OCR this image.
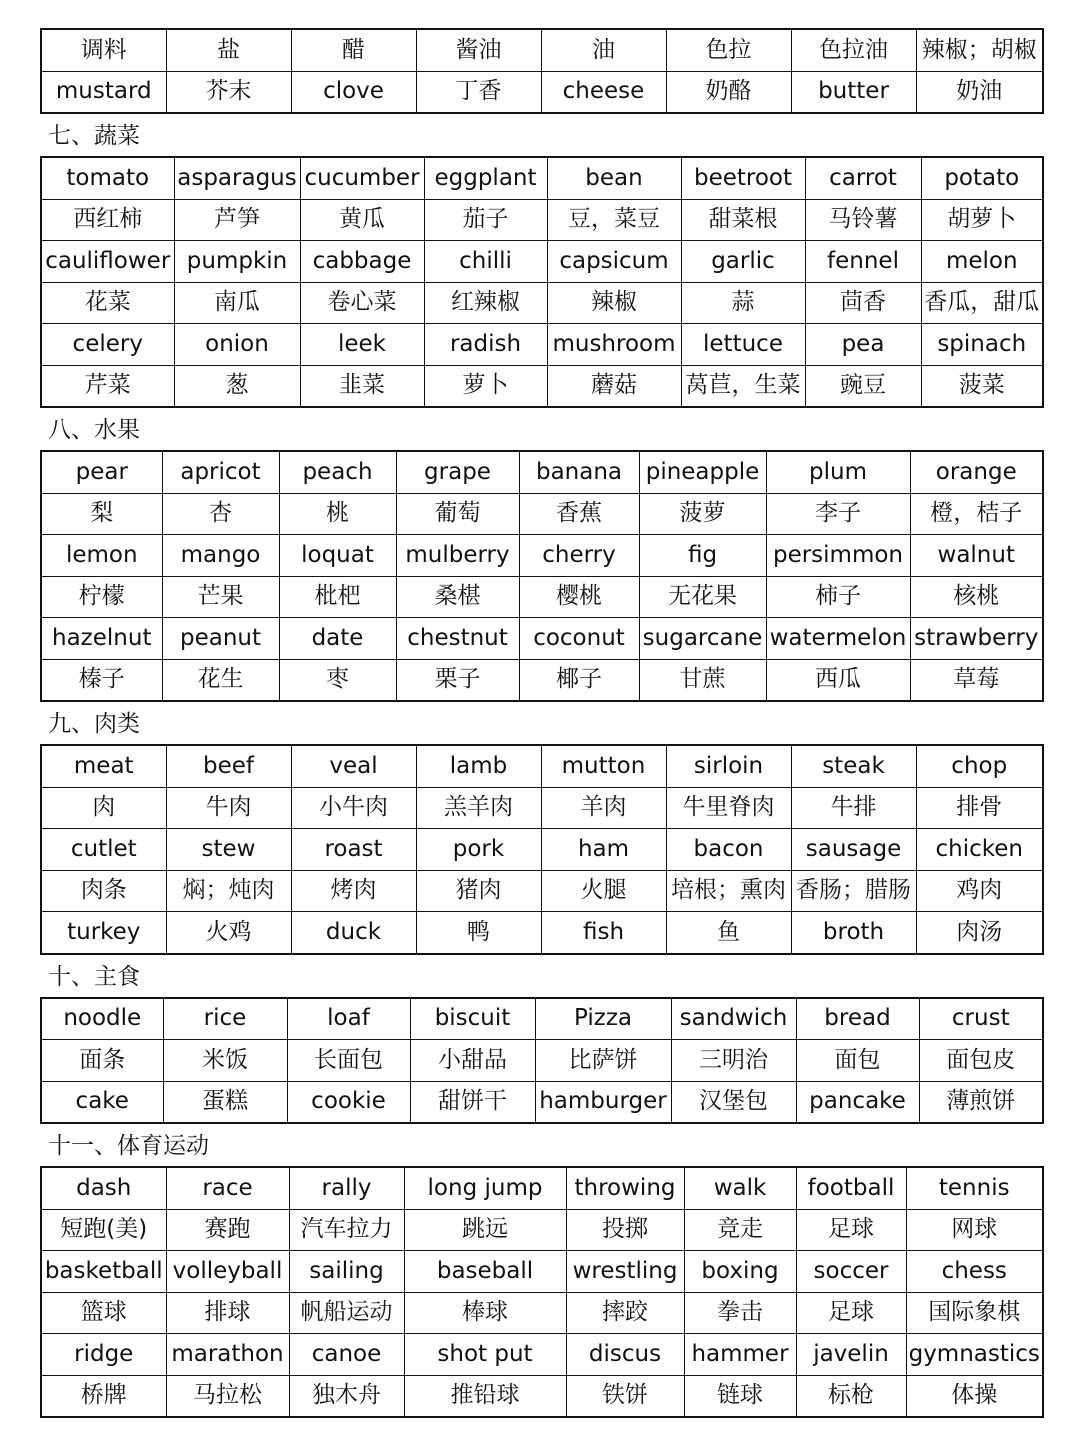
调料	盐	醋	酱油	油	色拉	色拉油	辣椒；胡椒
mustard	芥末	clove	丁香	cheese	奶酪	butter	奶油
七、蔬菜
tomato	asparagus	cucumber	eggplant	bean	beetroot	carrot	potato
西红柿	芦笋	黄瓜	茄子	豆，菜豆	甜菜根	马铃薯	胡萝卜
cauliflower	pumpkin	cabbage	chilli	capsicum	garlic	fennel	melon
花菜	南瓜	卷心菜	红辣椒	辣椒	蒜	茴香	香瓜，甜瓜
celery	onion	leek	radish	mushroom	lettuce	pea	spinach
芹菜	葱	韭菜	萝卜	蘑菇	莴苣，生菜	豌豆	菠菜
八、水果
pear	apricot	peach	grape	banana	pineapple	plum	orange
梨	杏	桃	葡萄	香蕉	菠萝	李子	橙，桔子
lemon	mango	loquat	mulberry	cherry	fig	persimmon	walnut
柠檬	芒果	枇杷	桑椹	樱桃	无花果	柿子	核桃
hazelnut	peanut	date	chestnut	coconut	sugarcane	watermelon	strawberry
榛子	花生	枣	栗子	椰子	甘蔗	西瓜	草莓
九、肉类
meat	beef	veal	lamb	mutton	sirloin	steak	chop
肉	牛肉	小牛肉	羔羊肉	羊肉	牛里脊肉	牛排	排骨
cutlet	stew	roast	pork	ham	bacon	sausage	chicken
肉条	焖；炖肉	烤肉	猪肉	火腿	培根；熏肉	香肠；腊肠	鸡肉
turkey	火鸡	duck	鸭	fish	鱼	broth	肉汤
十、主食
noodle	rice	loaf	biscuit	Pizza	sandwich	bread	crust
面条	米饭	长面包	小甜品	比萨饼	三明治	面包	面包皮
cake	蛋糕	cookie	甜饼干	hamburger	汉堡包	pancake	薄煎饼
十一、体育运动
dash	race	rally	long jump	throwing	walk	football	tennis
短跑(美)	赛跑	汽车拉力	跳远	投掷	竞走	足球	网球
basketball	volleyball	sailing	baseball	wrestling	boxing	soccer	chess
篮球	排球	帆船运动	棒球	摔跤	拳击	足球	国际象棋
ridge	marathon	canoe	shot put	discus	hammer	javelin	gymnastics
桥牌	马拉松	独木舟	推铅球	铁饼	链球	标枪	体操
